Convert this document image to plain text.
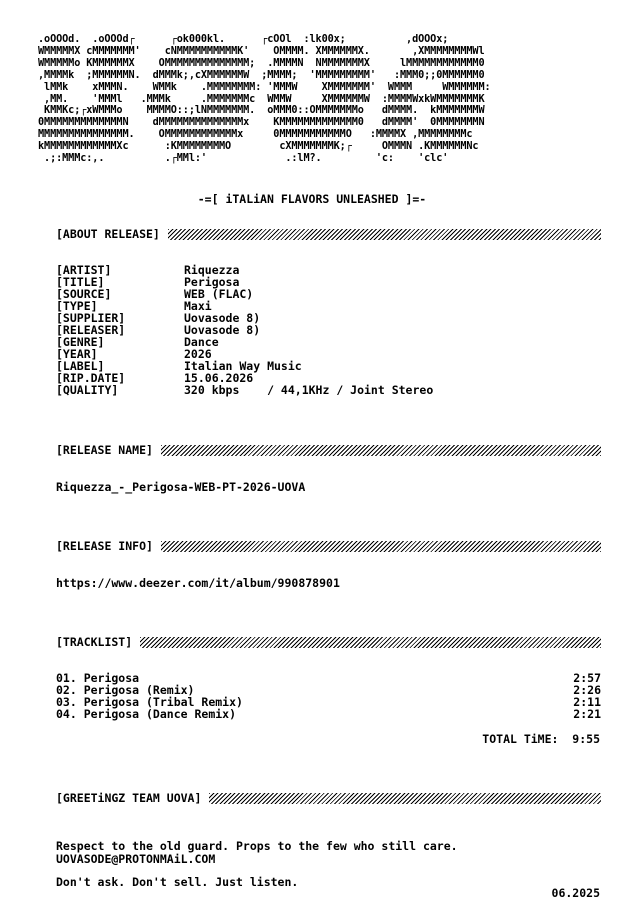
.oOOOd.  .oOOOd┌      ┌ok000kl.      ┌cOOl  :lk00x;          ,dOOOx;
WMMMMMX cMMMMMMM'    cNMMMMMMMMMMK'    OMMMM. XMMMMMMX.       ,XMMMMMMMMWl
WMMMMMo KMMMMMMX    OMMMMMMMMMMMMMM;  .MMMMN  NMMMMMMMX     lMMMMMMMMMMMM0
,MMMMk  ;MMMMMMN.  dMMMk;,cXMMMMMMW  ;MMMM;  'MMMMMMMMM'   :MMM0;;0MMMMMM0
lMMk    xMMMN.    WMMk    .MMMMMMMM: 'MMMW    XMMMMMMM'  WMMM     WMMMMMM:
,MM.    'MMMl   .MMMk     .MMMMMMMc  WMMW     XMMMMMMW  :MMMMWxkWMMMMMMMK
KMMKc;┌xWMMMo    MMMMO::;lNMMMMMMM.  oMMM0::OMMMMMMMo   dMMMM.  kMMMMMMMW
0MMMMMMMMMMMMMN    dMMMMMMMMMMMMMMx    KMMMMMMMMMMMMM0   dMMMM'  0MMMMMMMN
MMMMMMMMMMMMMMM.    OMMMMMMMMMMMMx     0MMMMMMMMMMMO   :MMMMX ,MMMMMMMMc
kMMMMMMMMMMMMXc      :KMMMMMMMMO        cXMMMMMMMK;┌     OMMMN .KMMMMMMNc
.;:MMMc:,.          .┌MMl:'             .:lM?.         'c:    'clc'
-=[ iTALiAN FLAVORS UNLEASHED ]=-
[ABOUT RELEASE]
[ARTIST]	Riquezza
[TITLE]	Perigosa
[SOURCE]	WEB (FLAC)
[TYPE]	Maxi
[SUPPLIER]	Uovasode 8)
[RELEASER]	Uovasode 8)
[GENRE]	Dance
[YEAR]	2026
[LABEL]	Italian Way Music
[RIP.DATE]	15.06.2026
[QUALITY]	320 kbps    / 44,1KHz / Joint Stereo
[RELEASE NAME]
Riquezza_-_Perigosa-WEB-PT-2026-UOVA
[RELEASE INFO]
https://www.deezer.com/it/album/990878901
[TRACKLIST]
01. Perigosa	2:57
02. Perigosa (Remix)	2:26
03. Perigosa (Tribal Remix)	2:11
04. Perigosa (Dance Remix)	2:21
TOTAL TiME:  9:55
[GREETiNGZ TEAM UOVA]

Respect to the old guard. Props to the few who still care.

Don't ask. Don't sell. Just listen.

UOVASODE@PROTONMAiL.COM
06.2025
